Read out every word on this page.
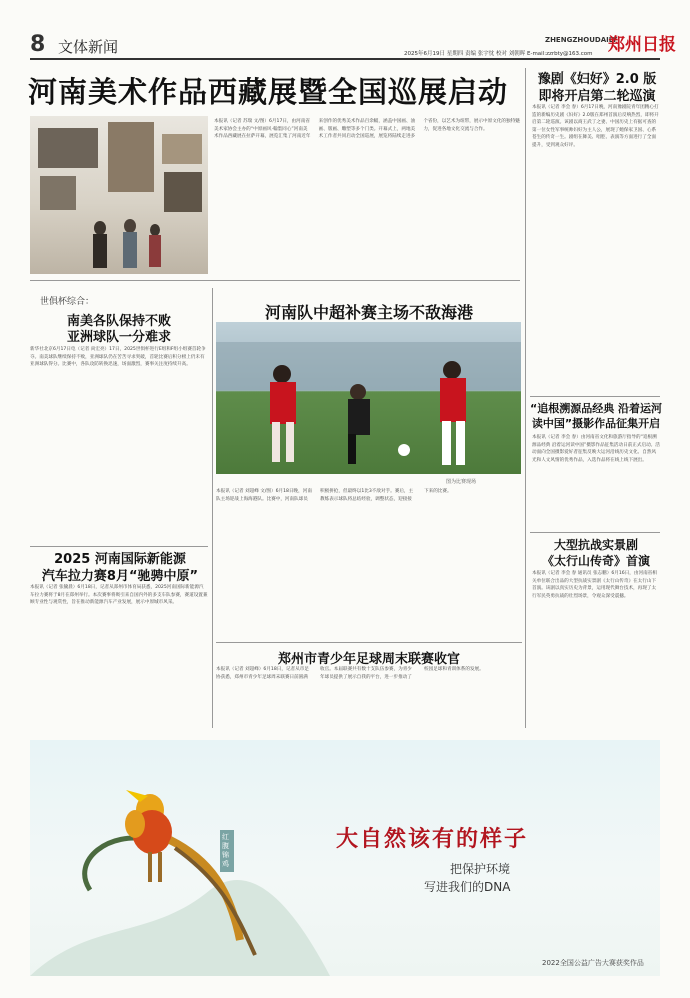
8 文体新闻	2025年6月19日 星期四 责编 张宇忱 校对 刘朝晖 E-mail:zzrbty@163.com
ZHENGZHOUDAILY
郑州日报
河南美术作品西藏展暨全国巡展启动
本报讯（记者 苏瑞 文/图）6月17日，由河南省美术家协会主办的“中原画风·翰墨同心”河南美术作品西藏展在拉萨开幕，展览汇集了河南近年来创作的优秀美术作品百余幅，涵盖中国画、油画、版画、雕塑等多个门类。开幕式上，两地美术工作者共同启动全国巡展，展览将陆续走进多个省份，以艺术为纽带，展示中原文化的独特魅力，促进各地文化交流与合作。
豫剧《妇好》2.0 版
即将开启第二轮巡演
本报讯（记者 李会 春）6月17日晚，河南豫剧院青年团精心打造的新编历史剧《妇好》2.0版在郑州首演后反响热烈，即将开启第二轮巡演。该剧以商王武丁之妻、中国历史上有据可查的第一位女性军事统帅妇好为主人公，展现了她保家卫国、心系苍生的传奇一生。剧组在舞美、唱腔、表演等方面进行了全面提升，受到观众好评。
世俱杯综合：
南美各队保持不败
亚洲球队一分难求
新华社北京6月17日电（记者 尚宏亮）17日，2025世俱杯进行E组和F组小组赛首轮争夺。南美球队继续保持不败，亚洲球队仍在苦苦寻求突破，首轮比赛后积分榜上仍未有亚洲球队得分。比赛中，各队攻防转换迅速，场面激烈，赛事关注度持续升高。
2025 河南国际新能源
汽车拉力赛8月“驰骋中原”
本报讯（记者 张毓晨）6月18日，记者从郑州市体育局获悉，2025河南国际新能源汽车拉力赛将于8月在郑州举行。本次赛事将吸引来自国内外的多支车队参赛，赛道设置兼顾专业性与观赏性，旨在推动新能源汽车产业发展，展示中原城市风采。
河南队中超补赛主场不敌海港
图为比赛现场
本报讯（记者 刘超峰 文/图）6月18日晚，河南队主场迎战上海海港队。比赛中，河南队球员积极拼抢，但最终以1比3不敌对手。赛后，主教练表示球队将总结经验，调整状态，迎接接下来的比赛。
郑州市青少年足球周末联赛收官
本报讯（记者 刘超峰）6月18日，记者从市足协获悉，郑州市青少年足球周末联赛日前圆满收官。本届联赛共有数十支队伍参赛，为青少年球员提供了展示自我的平台，进一步推动了校园足球和青训体系的发展。
“追根溯源品经典 沿着运河
读中国”摄影作品征集开启
本报讯（记者 李会 春）由河南省文化和旅游厅指导的“追根溯源品经典 沿着运河读中国”摄影作品征集活动日前正式启动。活动面向全国摄影爱好者征集反映大运河沿线历史文化、自然风光和人文风情的优秀作品，入选作品将在线上线下展出。
大型抗战实景剧
《太行山传奇》首演
本报讯（记者 李会 春 通讯员 张志鹏）6月16日，由河南省相关单位联合出品的大型抗战实景剧《太行山传奇》在太行山下首演。该剧以真实历史为背景，运用现代舞台技术，再现了太行军民英勇抗战的壮烈场景，令观众深受震撼。
红腹锦鸡
大自然该有的样子
把保护环境
写进我们的DNA
2022全国公益广告大赛获奖作品
